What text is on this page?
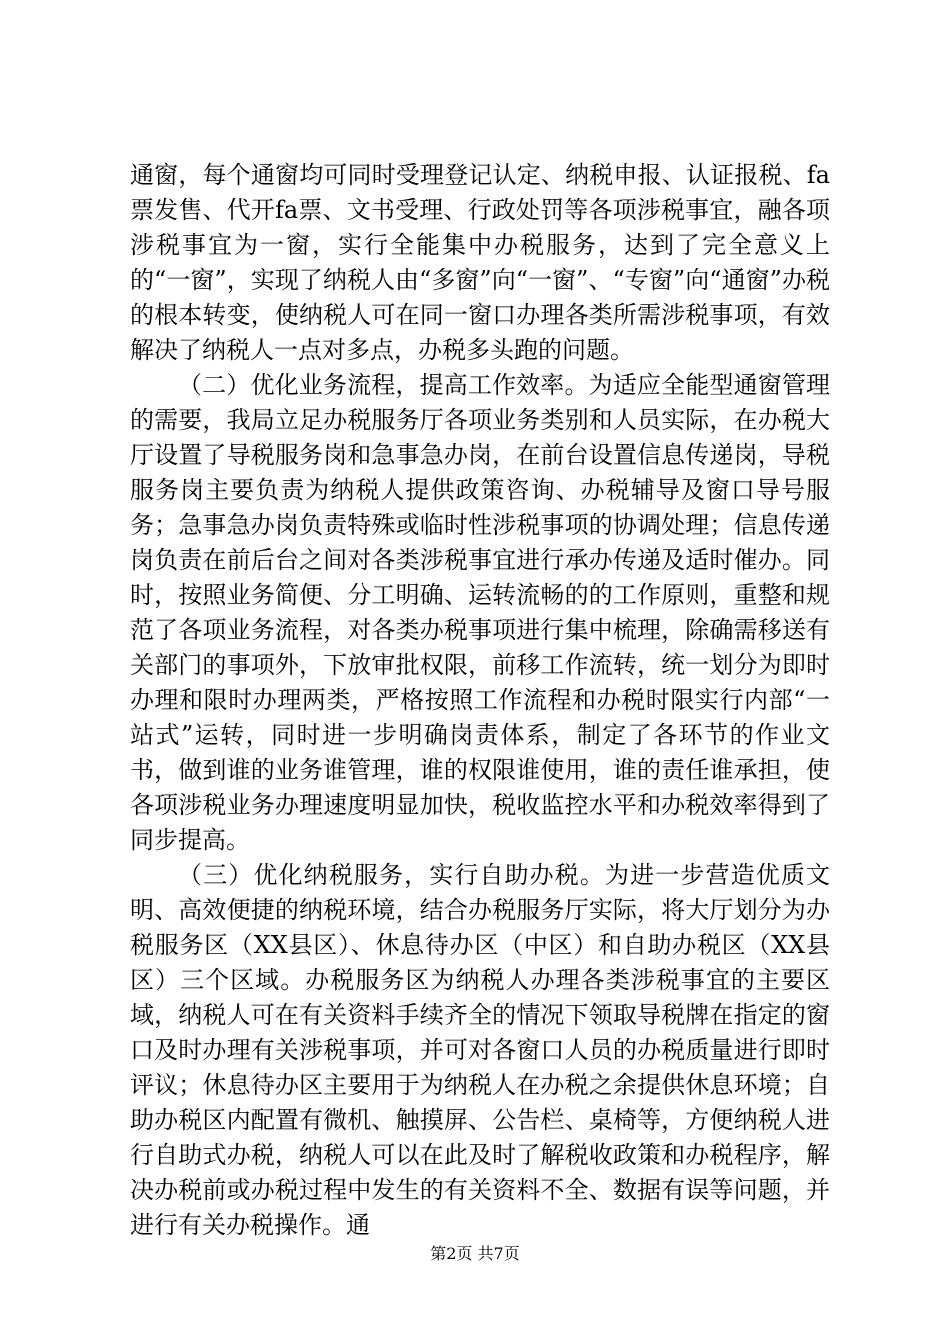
通窗，每个通窗均可同时受理登记认定、纳税申报、认证报税、fa票发售、代开fa票、文书受理、行政处罚等各项涉税事宜，融各项涉税事宜为一窗，实行全能集中办税服务，达到了完全意义上的“一窗”，实现了纳税人由“多窗”向“一窗”、“专窗”向“通窗”办税的根本转变，使纳税人可在同一窗口办理各类所需涉税事项，有效解决了纳税人一点对多点，办税多头跑的问题。

（二）优化业务流程，提高工作效率。为适应全能型通窗管理的需要，我局立足办税服务厅各项业务类别和人员实际，在办税大厅设置了导税服务岗和急事急办岗，在前台设置信息传递岗，导税服务岗主要负责为纳税人提供政策咨询、办税辅导及窗口导号服务；急事急办岗负责特殊或临时性涉税事项的协调处理；信息传递岗负责在前后台之间对各类涉税事宜进行承办传递及适时催办。同时，按照业务简便、分工明确、运转流畅的的工作原则，重整和规范了各项业务流程，对各类办税事项进行集中梳理，除确需移送有关部门的事项外，下放审批权限，前移工作流转，统一划分为即时办理和限时办理两类，严格按照工作流程和办税时限实行内部“一站式”运转，同时进一步明确岗责体系，制定了各环节的作业文书，做到谁的业务谁管理，谁的权限谁使用，谁的责任谁承担，使各项涉税业务办理速度明显加快，税收监控水平和办税效率得到了同步提高。

（三）优化纳税服务，实行自助办税。为进一步营造优质文明、高效便捷的纳税环境，结合办税服务厅实际，将大厅划分为办税服务区（XX县区）、休息待办区（中区）和自助办税区（XX县区）三个区域。办税服务区为纳税人办理各类涉税事宜的主要区域，纳税人可在有关资料手续齐全的情况下领取导税牌在指定的窗口及时办理有关涉税事项，并可对各窗口人员的办税质量进行即时评议；休息待办区主要用于为纳税人在办税之余提供休息环境；自助办税区内配置有微机、触摸屏、公告栏、桌椅等，方便纳税人进行自助式办税，纳税人可以在此及时了解税收政策和办税程序，解决办税前或办税过程中发生的有关资料不全、数据有误等问题，并进行有关办税操作。通

第2页 共7页
